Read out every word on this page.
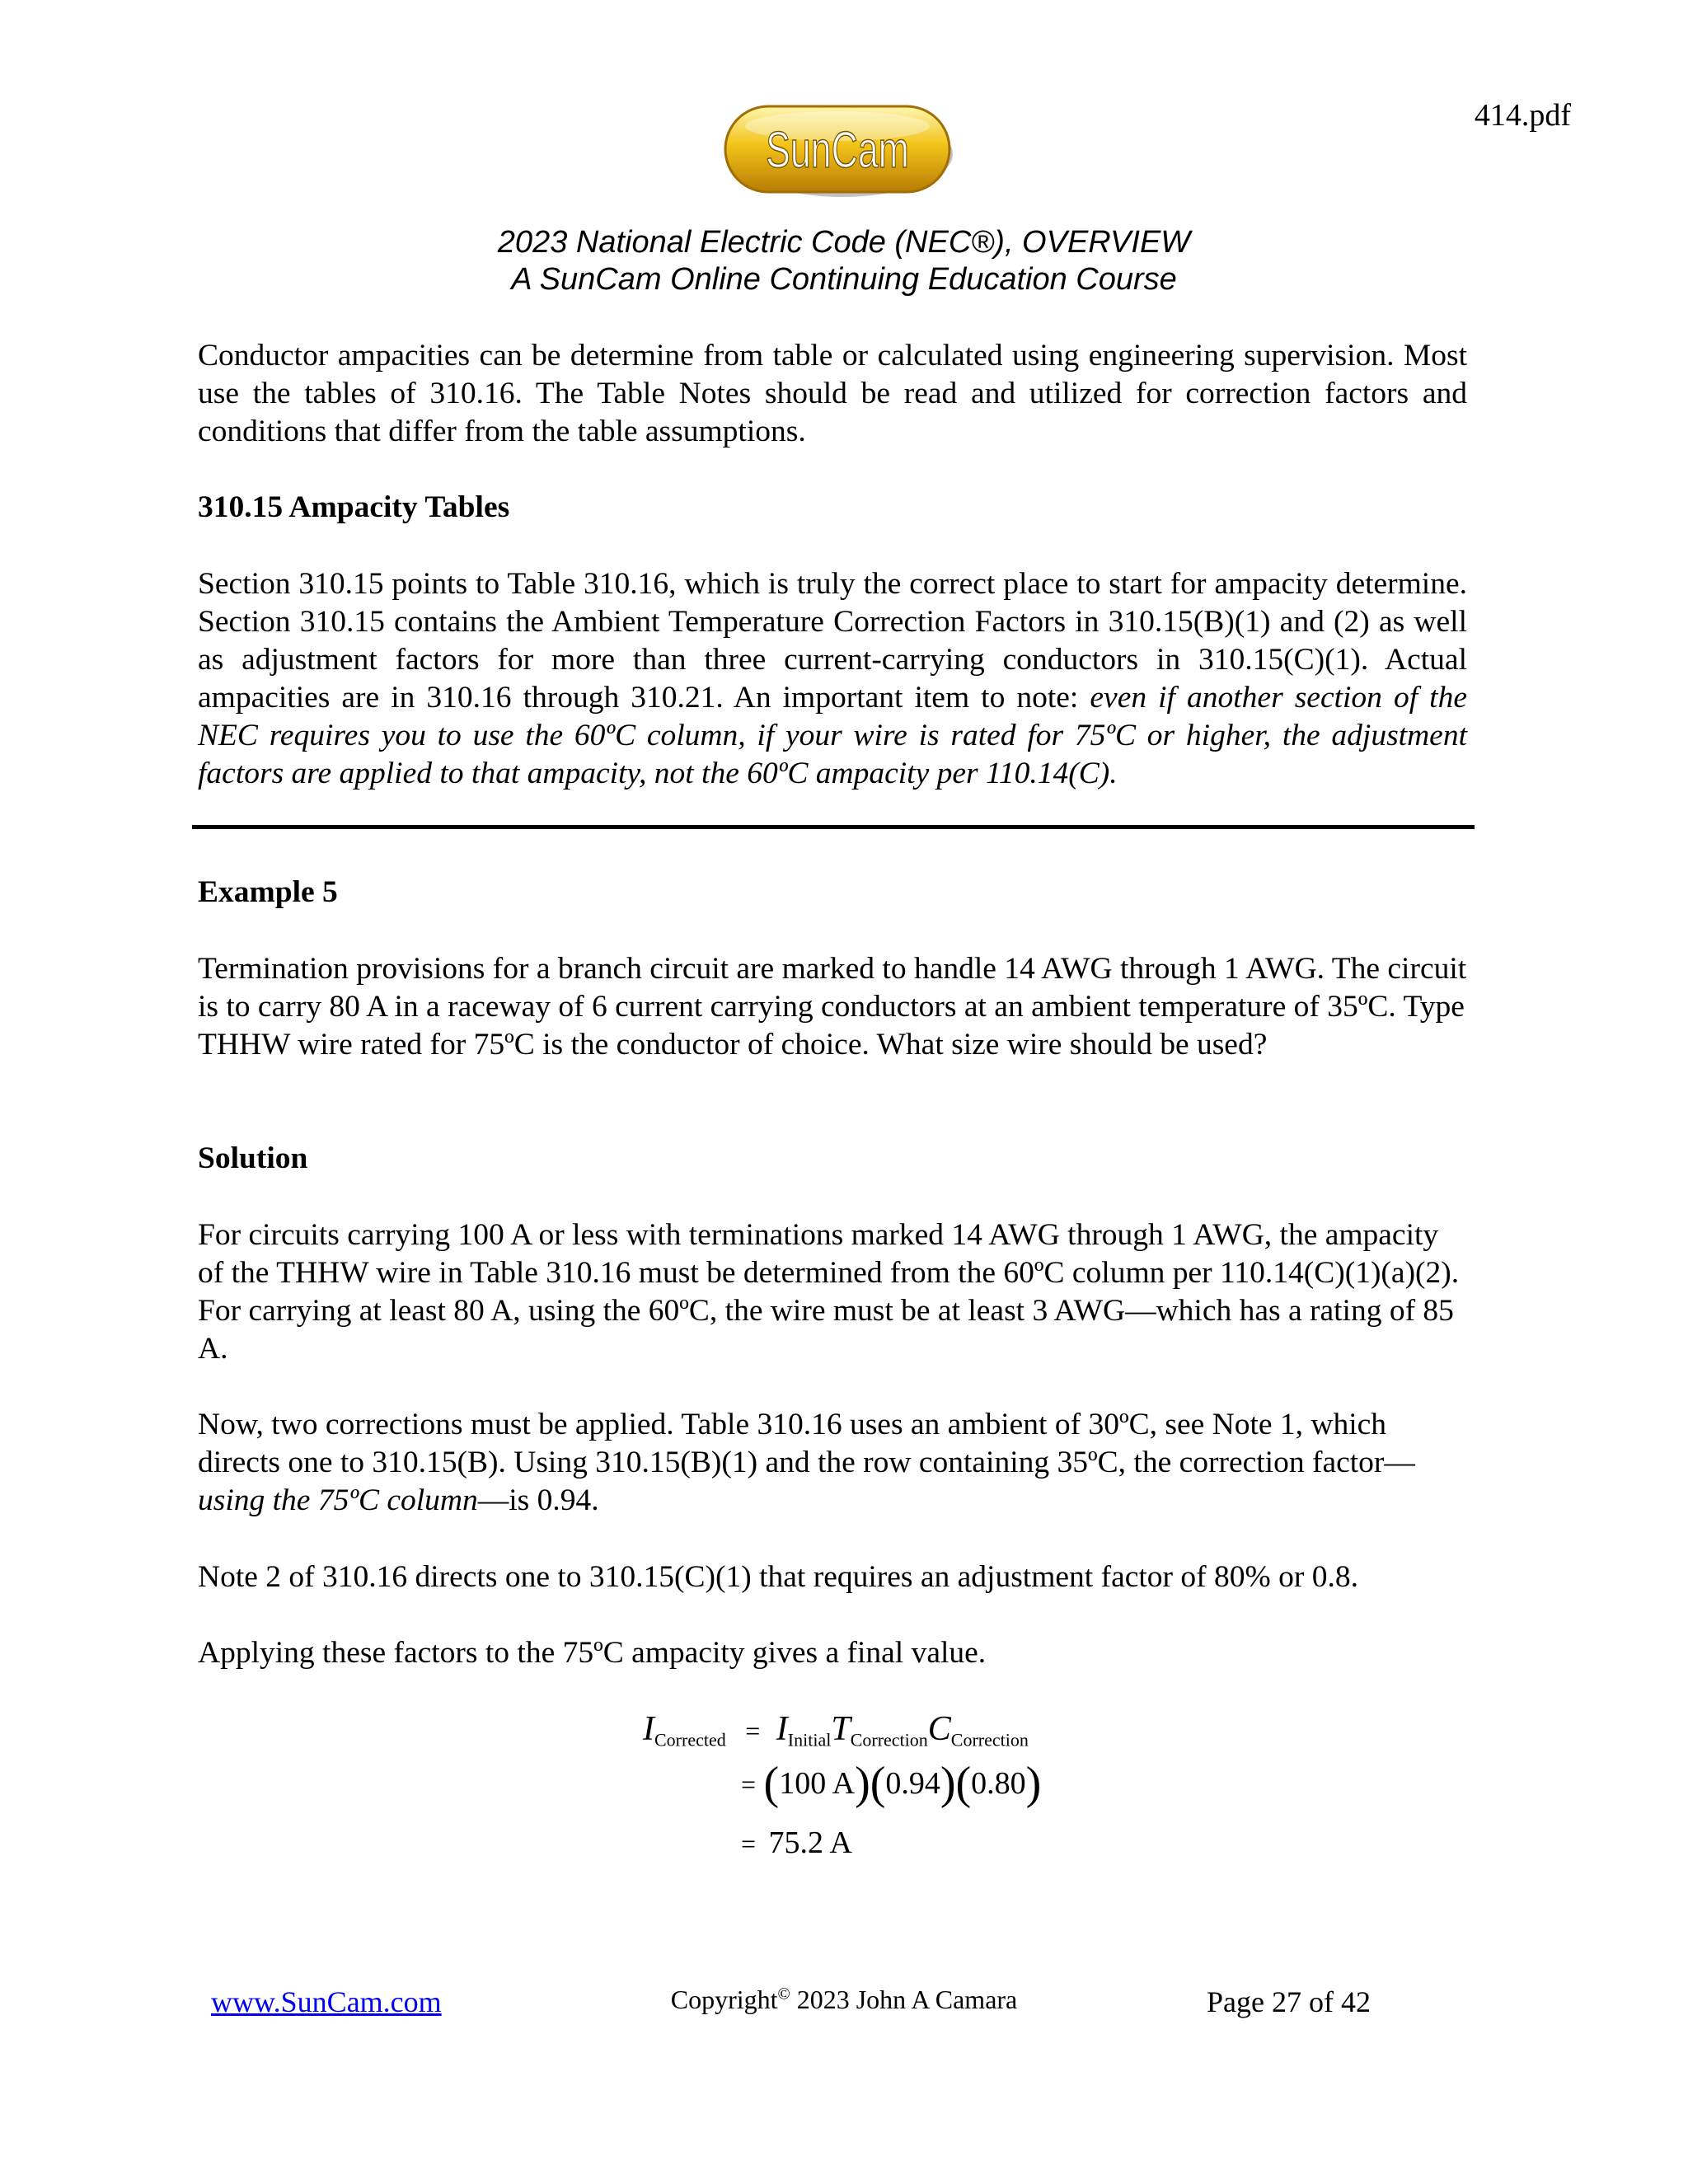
414.pdf
SunCam
2023 National Electric Code (NEC®), OVERVIEW
A SunCam Online Continuing Education Course
Conductor ampacities can be determine from table or calculated using engineering supervision. Most use the tables of 310.16. The Table Notes should be read and utilized for correction factors and conditions that differ from the table assumptions.
310.15 Ampacity Tables
Section 310.15 points to Table 310.16, which is truly the correct place to start for ampacity determine. Section 310.15 contains the Ambient Temperature Correction Factors in 310.15(B)(1) and (2) as well as adjustment factors for more than three current-carrying conductors in 310.15(C)(1). Actual ampacities are in 310.16 through 310.21. An important item to note: even if another section of the NEC requires you to use the 60ºC column, if your wire is rated for 75ºC or higher, the adjustment factors are applied to that ampacity, not the 60ºC ampacity per 110.14(C).
Example 5
Termination provisions for a branch circuit are marked to handle 14 AWG through 1 AWG. The circuit is to carry 80 A in a raceway of 6 current carrying conductors at an ambient temperature of 35ºC. Type THHW wire rated for 75ºC is the conductor of choice. What size wire should be used?
Solution
For circuits carrying 100 A or less with terminations marked 14 AWG through 1 AWG, the ampacity of the THHW wire in Table 310.16 must be determined from the 60ºC column per 110.14(C)(1)(a)(2). For carrying at least 80 A, using the 60ºC, the wire must be at least 3 AWG—which has a rating of 85 A.
Now, two corrections must be applied. Table 310.16 uses an ambient of 30ºC, see Note 1, which directs one to 310.15(B). Using 310.15(B)(1) and the row containing 35ºC, the correction factor—using the 75ºC column—is 0.94.
Note 2 of 310.16 directs one to 310.15(C)(1) that requires an adjustment factor of 80% or 0.8.
Applying these factors to the 75ºC ampacity gives a final value.
$I_{Corrected} = I_{Initial}T_{Correction}C_{Correction}$
= (100 A)(0.94)(0.80)
= 75.2 A
www.SunCam.com	Copyright© 2023 John A Camara	Page 27 of 42
